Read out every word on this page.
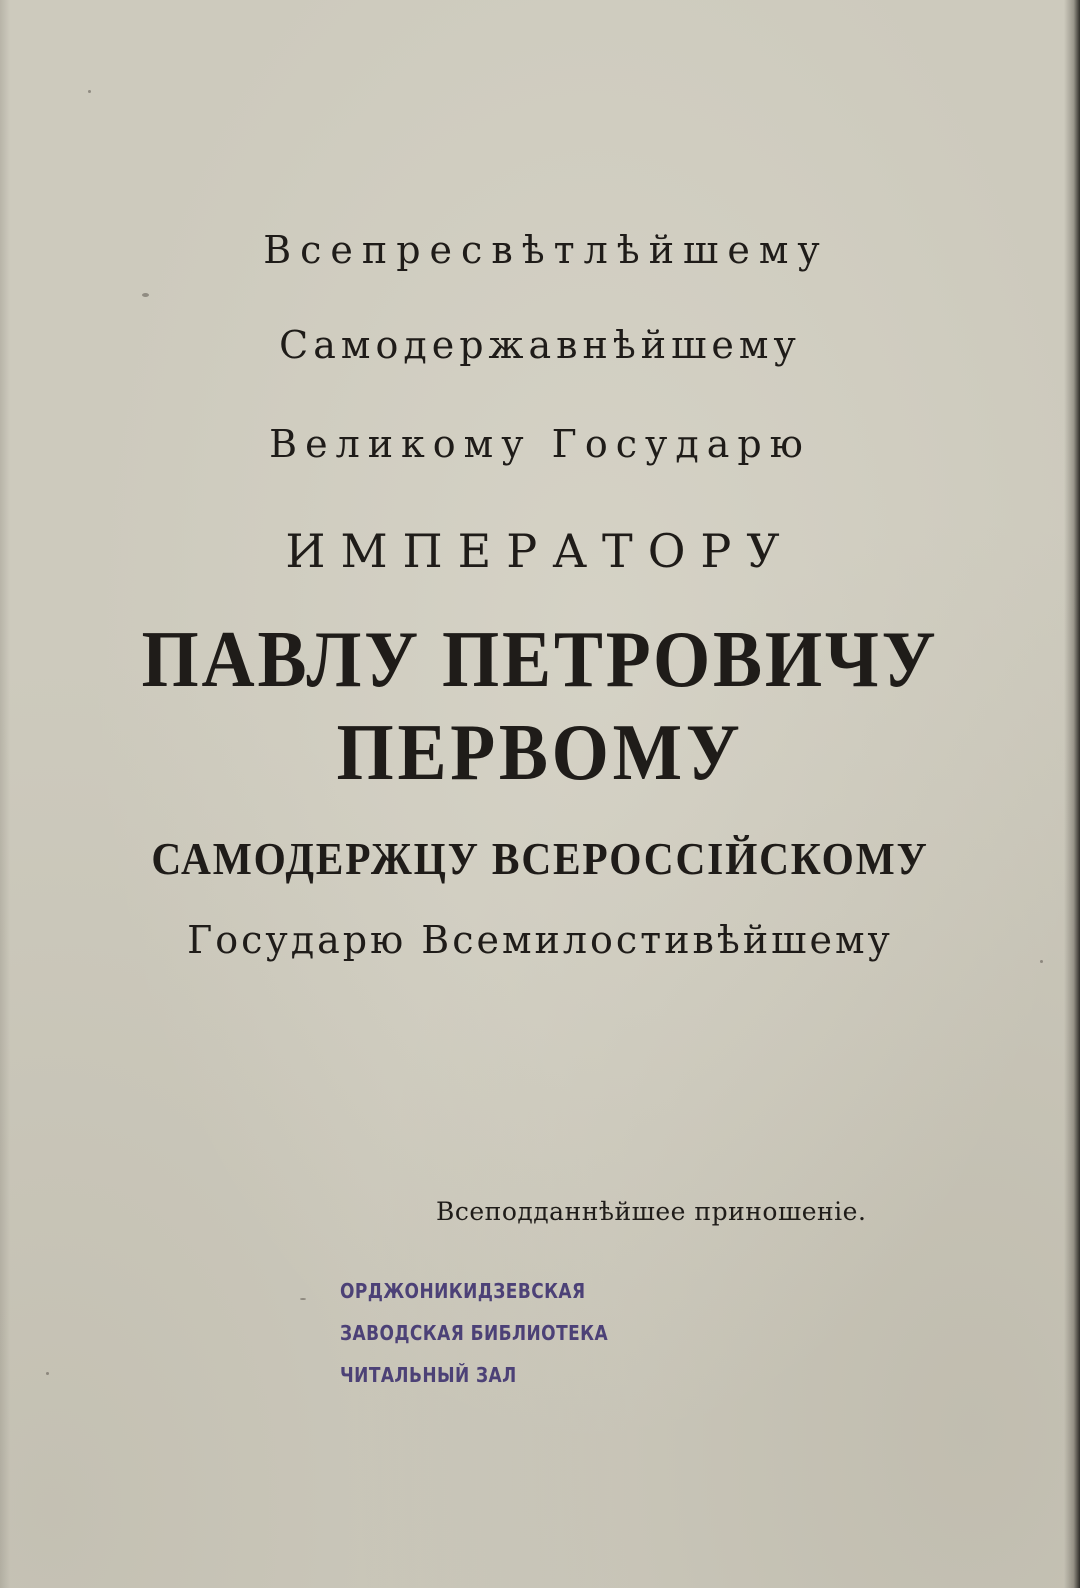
Всепресвѣтлѣйшему

Самодержавнѣйшему

Великому Государю

ИМПЕРАТОРУ

ПАВЛУ ПЕТРОВИЧУ

ПЕРВОМУ

САМОДЕРЖЦУ ВСЕРОССІЙСКОМУ

Государю Всемилостивѣйшему

Всеподданнѣйшее приношеніе.
ОРДЖОНИКИДЗЕВСКАЯ
ЗАВОДСКАЯ БИБЛИОТЕКА
ЧИТАЛЬНЫЙ ЗАЛ
